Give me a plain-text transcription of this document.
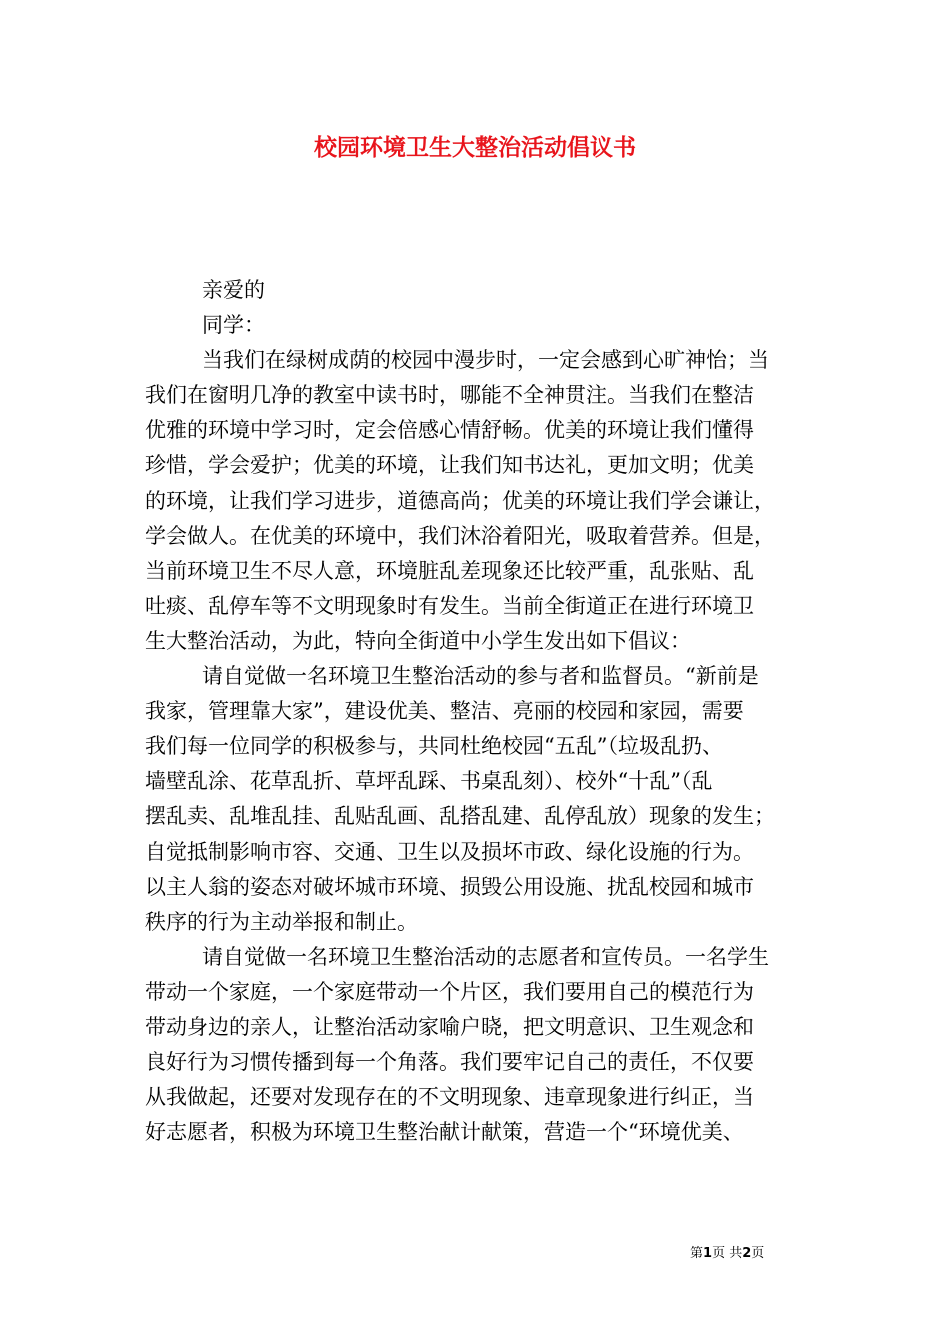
校园环境卫生大整治活动倡议书
亲爱的
同学：
当我们在绿树成荫的校园中漫步时，一定会感到心旷神怡；当
我们在窗明几净的教室中读书时，哪能不全神贯注。当我们在整洁
优雅的环境中学习时，定会倍感心情舒畅。优美的环境让我们懂得
珍惜，学会爱护；优美的环境，让我们知书达礼，更加文明；优美
的环境，让我们学习进步，道德高尚；优美的环境让我们学会谦让，
学会做人。在优美的环境中，我们沐浴着阳光，吸取着营养。但是，
当前环境卫生不尽人意，环境脏乱差现象还比较严重，乱张贴、乱
吐痰、乱停车等不文明现象时有发生。当前全街道正在进行环境卫
生大整治活动，为此，特向全街道中小学生发出如下倡议：
请自觉做一名环境卫生整治活动的参与者和监督员。“新前是
我家，管理靠大家”，建设优美、整洁、亮丽的校园和家园，需要
我们每一位同学的积极参与，共同杜绝校园“五乱”（垃圾乱扔、
墙壁乱涂、花草乱折、草坪乱踩、书桌乱刻）、校外“十乱”（乱
摆乱卖、乱堆乱挂、乱贴乱画、乱搭乱建、乱停乱放）现象的发生；
自觉抵制影响市容、交通、卫生以及损坏市政、绿化设施的行为。
以主人翁的姿态对破坏城市环境、损毁公用设施、扰乱校园和城市
秩序的行为主动举报和制止。
请自觉做一名环境卫生整治活动的志愿者和宣传员。一名学生
带动一个家庭，一个家庭带动一个片区，我们要用自己的模范行为
带动身边的亲人，让整治活动家喻户晓，把文明意识、卫生观念和
良好行为习惯传播到每一个角落。我们要牢记自己的责任，不仅要
从我做起，还要对发现存在的不文明现象、违章现象进行纠正，当
好志愿者，积极为环境卫生整治献计献策，营造一个“环境优美、
第1页 共2页
